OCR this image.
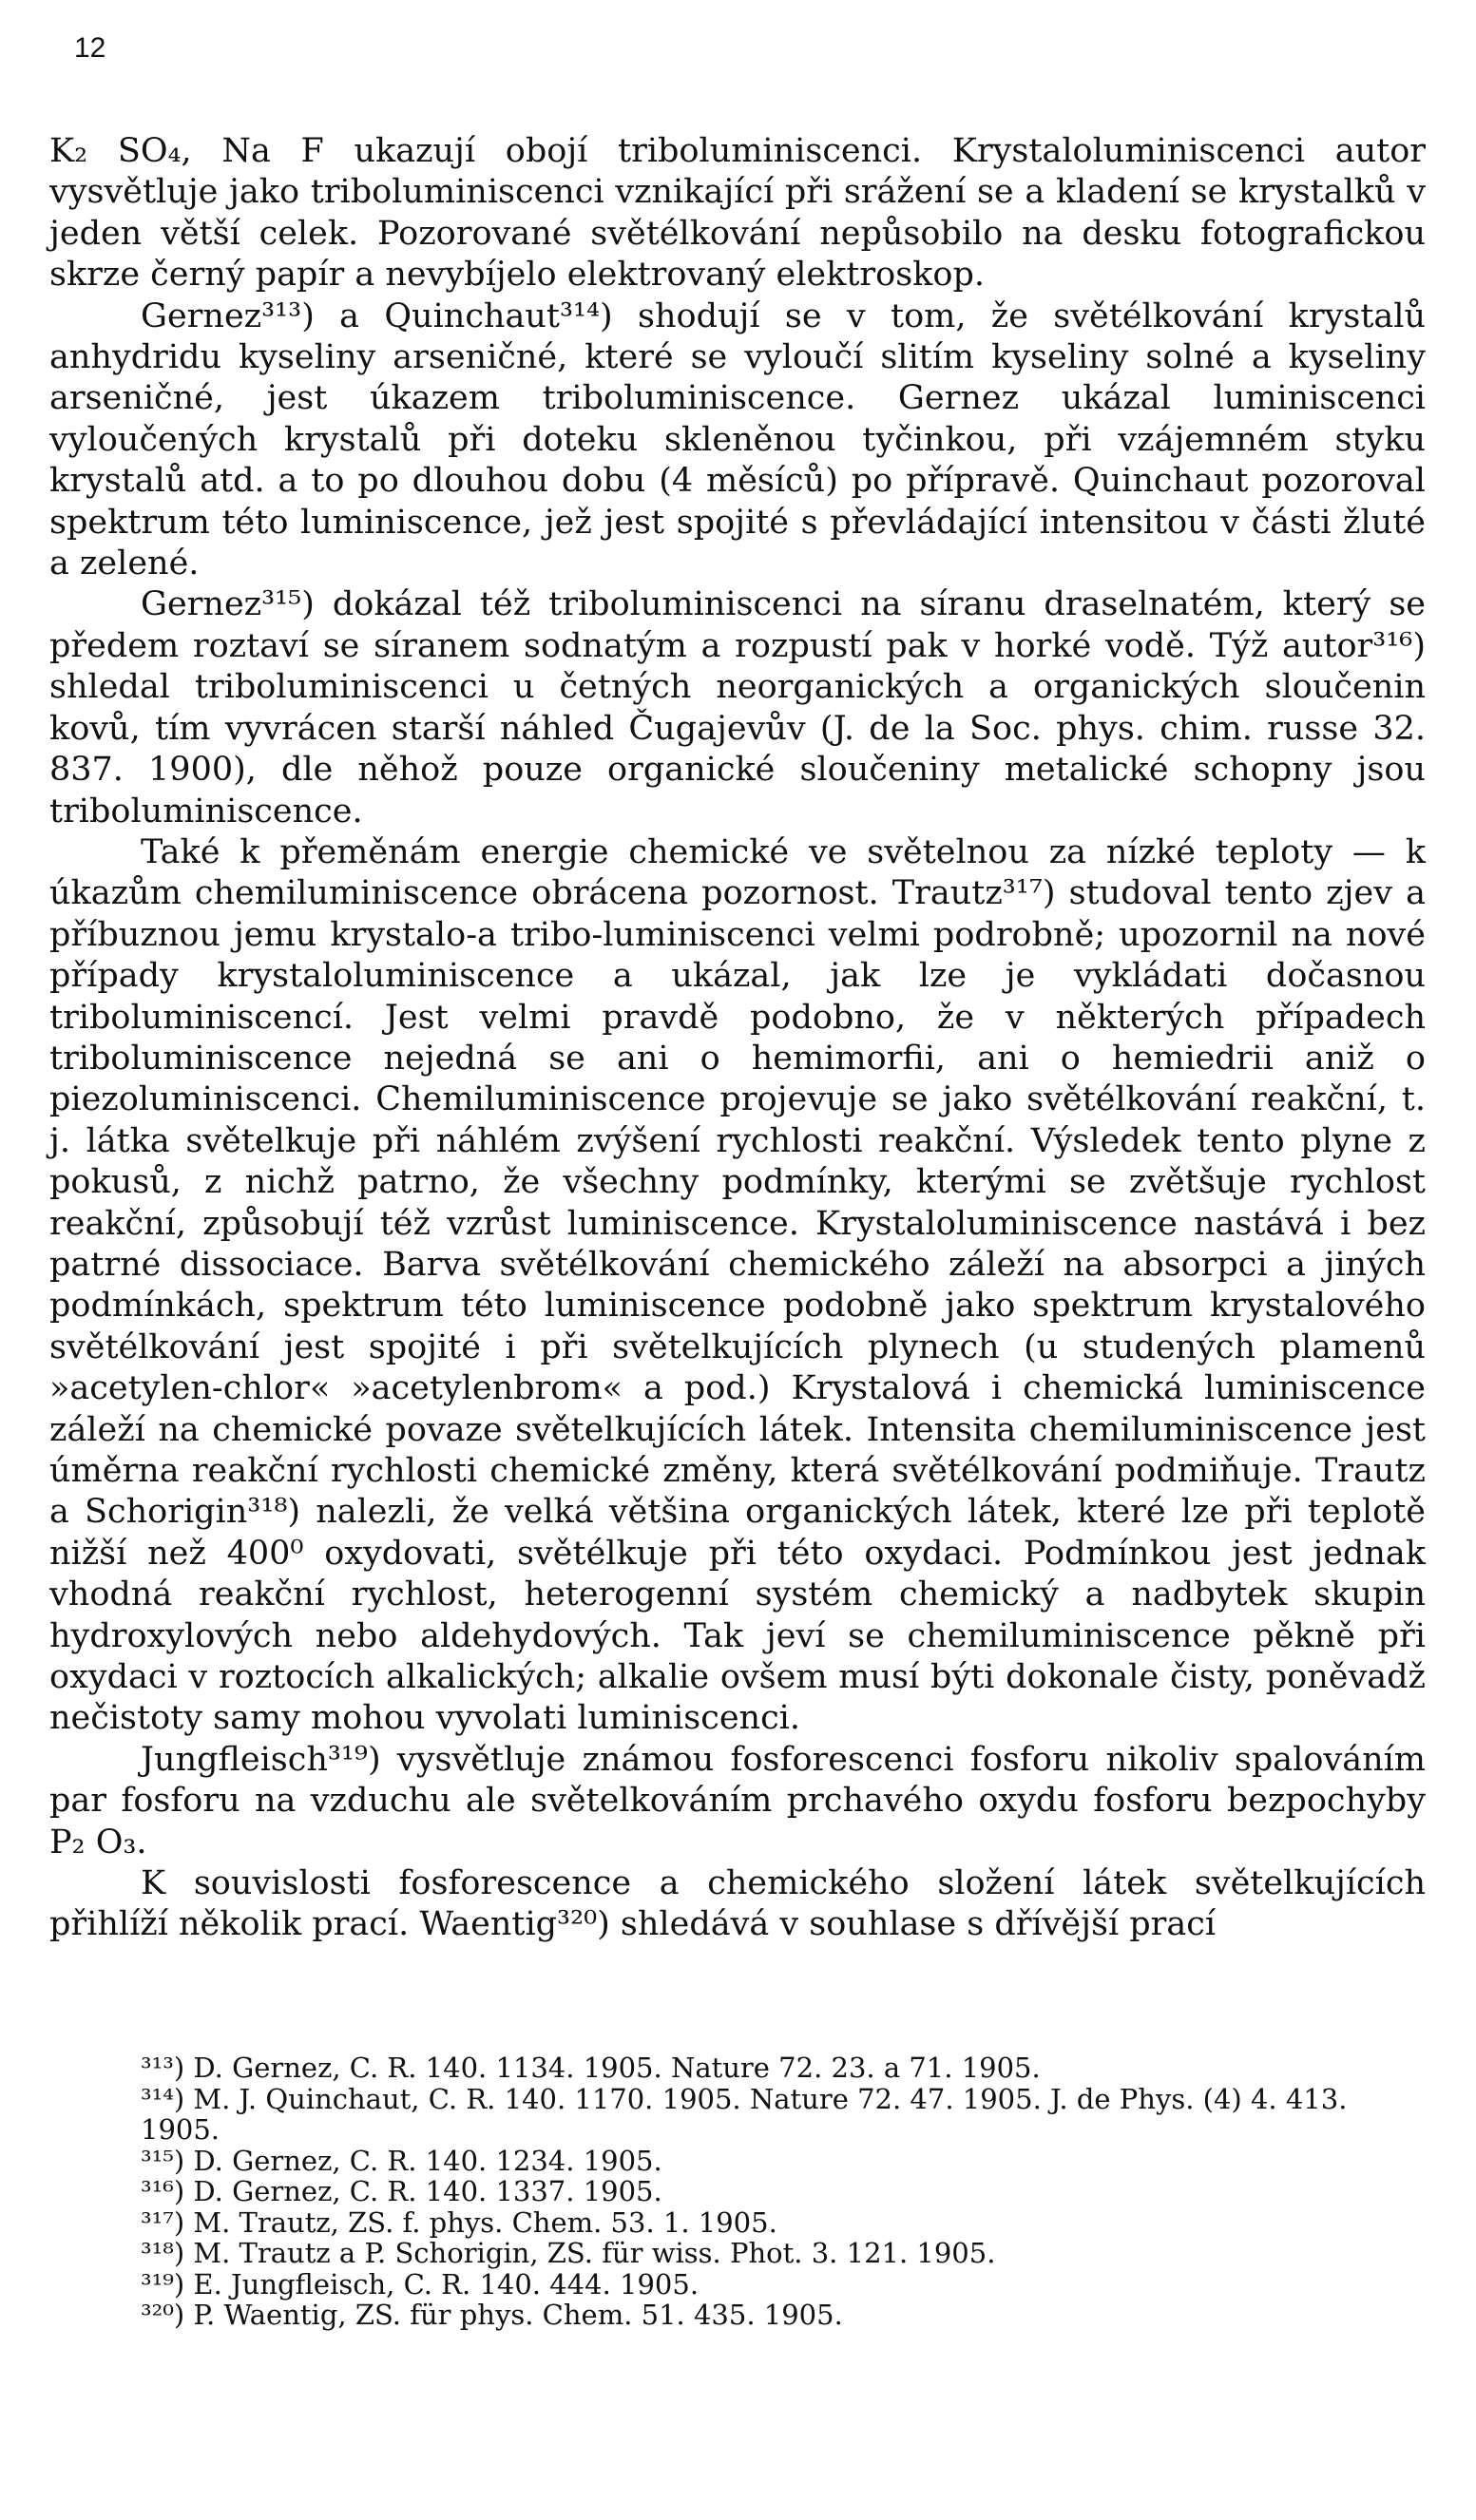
12

K₂ SO₄, Na F ukazují obojí triboluminiscenci. Krystaloluminiscenci autor vysvětluje jako triboluminiscenci vznikající při srážení se a kladení se krystalků v jeden větší celek. Pozorované světélkování nepůsobilo na desku fotografickou skrze černý papír a nevybíjelo elektrovaný elektroskop.

Gernez³¹³) a Quinchaut³¹⁴) shodují se v tom, že světélkování krystalů anhydridu kyseliny arseničné, které se vyloučí slitím kyseliny solné a kyseliny arseničné, jest úkazem triboluminiscence. Gernez ukázal luminiscenci vyloučených krystalů při doteku skleněnou tyčinkou, při vzájemném styku krystalů atd. a to po dlouhou dobu (4 měsíců) po přípravě. Quinchaut pozoroval spektrum této luminiscence, jež jest spojité s převládající intensitou v části žluté a zelené.

Gernez³¹⁵) dokázal též triboluminiscenci na síranu draselnatém, který se předem roztaví se síranem sodnatým a rozpustí pak v horké vodě. Týž autor³¹⁶) shledal triboluminiscenci u četných neorganických a organických sloučenin kovů, tím vyvrácen starší náhled Čugajevův (J. de la Soc. phys. chim. russe 32. 837. 1900), dle něhož pouze organické sloučeniny metalické schopny jsou triboluminiscence.

Také k přeměnám energie chemické ve světelnou za nízké teploty — k úkazům chemiluminiscence obrácena pozornost. Trautz³¹⁷) studoval tento zjev a příbuznou jemu krystalo-a tribo-luminiscenci velmi podrobně; upozornil na nové případy krystaloluminiscence a ukázal, jak lze je vykládati dočasnou triboluminiscencí. Jest velmi pravdě podobno, že v některých případech triboluminiscence nejedná se ani o hemimorfii, ani o hemiedrii aniž o piezoluminiscenci. Chemiluminiscence projevuje se jako světélkování reakční, t. j. látka světelkuje při náhlém zvýšení rychlosti reakční. Výsledek tento plyne z pokusů, z nichž patrno, že všechny podmínky, kterými se zvětšuje rychlost reakční, způsobují též vzrůst luminiscence. Krystaloluminiscence nastává i bez patrné dissociace. Barva světélkování chemického záleží na absorpci a jiných podmínkách, spektrum této luminiscence podobně jako spektrum krystalového světélkování jest spojité i při světelkujících plynech (u studených plamenů »acetylen-chlor« »acetylenbrom« a pod.) Krystalová i chemická luminiscence záleží na chemické povaze světelkujících látek. Intensita chemiluminiscence jest úměrna reakční rychlosti chemické změny, která světélkování podmiňuje. Trautz a Schorigin³¹⁸) nalezli, že velká většina organických látek, které lze při teplotě nižší než 400⁰ oxydovati, světélkuje při této oxydaci. Podmínkou jest jednak vhodná reakční rychlost, heterogenní systém chemický a nadbytek skupin hydroxylových nebo aldehydových. Tak jeví se chemiluminiscence pěkně při oxydaci v roztocích alkalických; alkalie ovšem musí býti dokonale čisty, poněvadž nečistoty samy mohou vyvolati luminiscenci.

Jungfleisch³¹⁹) vysvětluje známou fosforescenci fosforu nikoliv spalováním par fosforu na vzduchu ale světelkováním prchavého oxydu fosforu bezpochyby P₂ O₃.

K souvislosti fosforescence a chemického složení látek světelkujících přihlíží několik prací. Waentig³²⁰) shledává v souhlase s dřívější prací

³¹³) D. Gernez, C. R. 140. 1134. 1905. Nature 72. 23. a 71. 1905.

³¹⁴) M. J. Quinchaut, C. R. 140. 1170. 1905. Nature 72. 47. 1905. J. de Phys. (4) 4. 413. 1905.

³¹⁵) D. Gernez, C. R. 140. 1234. 1905.

³¹⁶) D. Gernez, C. R. 140. 1337. 1905.

³¹⁷) M. Trautz, ZS. f. phys. Chem. 53. 1. 1905.

³¹⁸) M. Trautz a P. Schorigin, ZS. für wiss. Phot. 3. 121. 1905.

³¹⁹) E. Jungfleisch, C. R. 140. 444. 1905.

³²⁰) P. Waentig, ZS. für phys. Chem. 51. 435. 1905.
